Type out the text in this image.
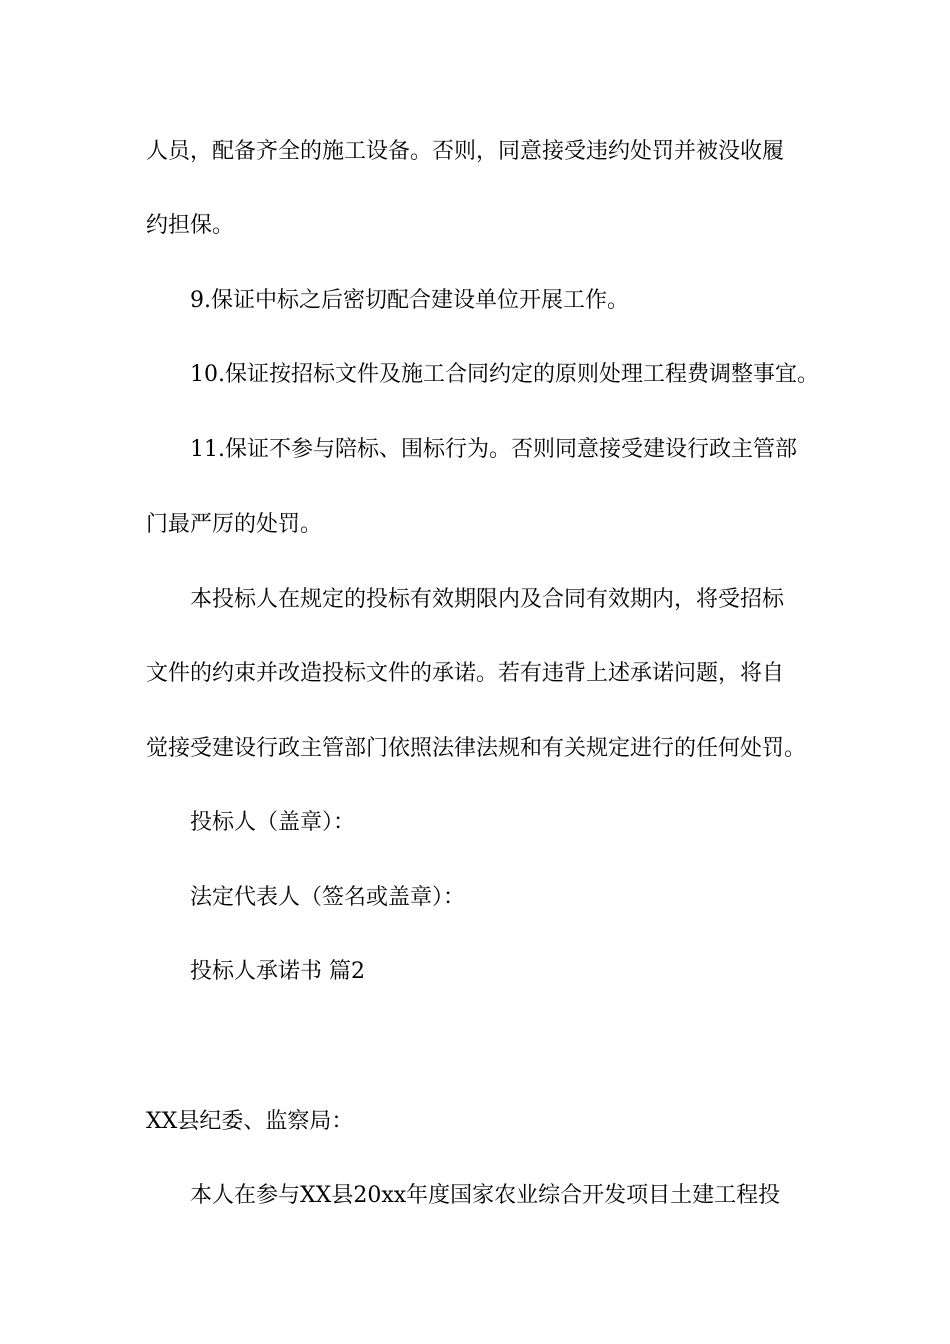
人员，配备齐全的施工设备。否则，同意接受违约处罚并被没收履
约担保。
9.保证中标之后密切配合建设单位开展工作。
10.保证按招标文件及施工合同约定的原则处理工程费调整事宜。
11.保证不参与陪标、围标行为。否则同意接受建设行政主管部
门最严厉的处罚。
本投标人在规定的投标有效期限内及合同有效期内，将受招标
文件的约束并改造投标文件的承诺。若有违背上述承诺问题，将自
觉接受建设行政主管部门依照法律法规和有关规定进行的任何处罚。
投标人（盖章）：
法定代表人（签名或盖章）：
投标人承诺书 篇2
XX县纪委、监察局：
本人在参与XX县20xx年度国家农业综合开发项目土建工程投
